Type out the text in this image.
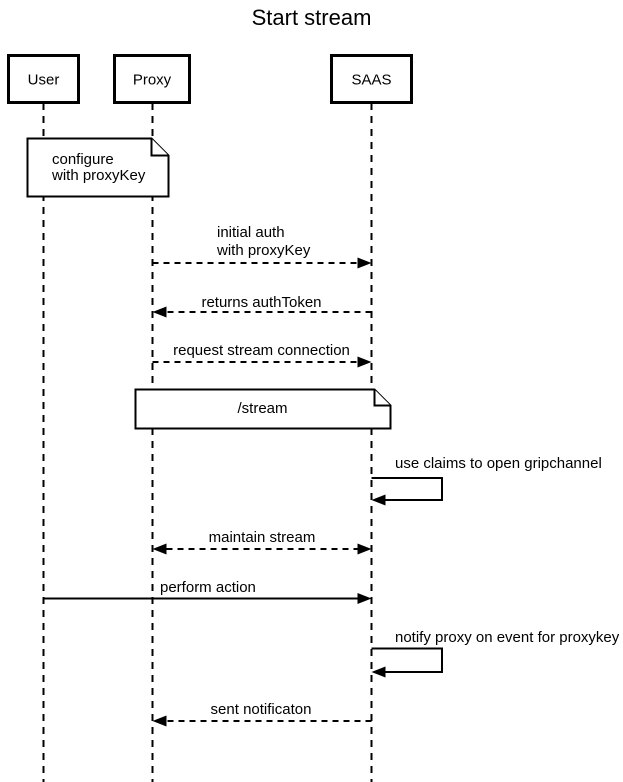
Start stream
User	Proxy	SAAS
initial auth
with proxyKey
returns authToken
request stream connection
use claims to open gripchannel
maintain stream
perform action
notify proxy on event for proxykey
sent notificaton
configure
with proxyKey
/stream
